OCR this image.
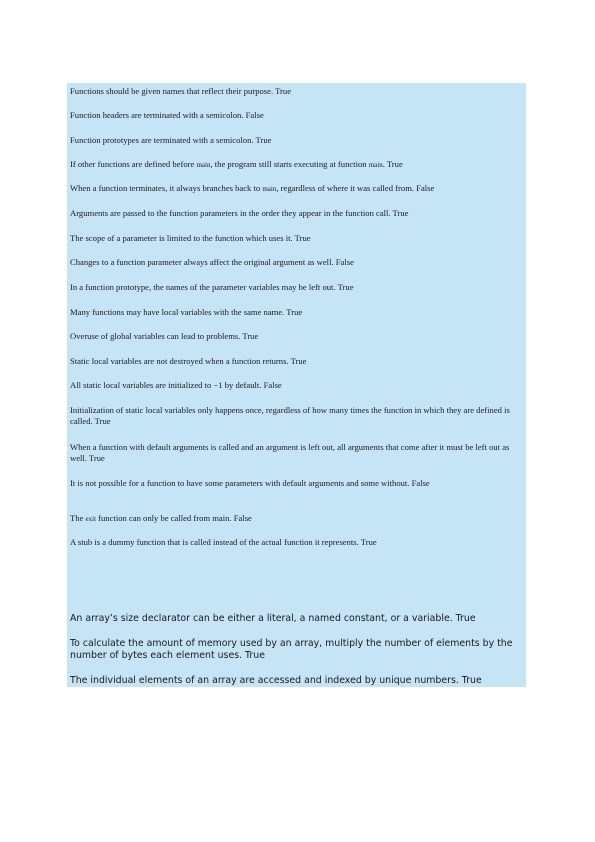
Functions should be given names that reflect their purpose. True

Function headers are terminated with a semicolon. False

Function prototypes are terminated with a semicolon. True

If other functions are defined before main, the program still starts executing at function main. True

When a function terminates, it always branches back to main, regardless of where it was called from. False

Arguments are passed to the function parameters in the order they appear in the function call. True

The scope of a parameter is limited to the function which uses it. True

Changes to a function parameter always affect the original argument as well. False

In a function prototype, the names of the parameter variables may be left out. True

Many functions may have local variables with the same name. True

Overuse of global variables can lead to problems. True

Static local variables are not destroyed when a function returns. True

All static local variables are initialized to −1 by default. False

Initialization of static local variables only happens once, regardless of how many times the function in which they are defined is called. True

When a function with default arguments is called and an argument is left out, all arguments that come after it must be left out as well. True

It is not possible for a function to have some parameters with default arguments and some without. False

The exit function can only be called from main. False

A stub is a dummy function that is called instead of the actual function it represents. True

An array’s size declarator can be either a literal, a named constant, or a variable. True

To calculate the amount of memory used by an array, multiply the number of elements by the number of bytes each element uses. True

The individual elements of an array are accessed and indexed by unique numbers. True
